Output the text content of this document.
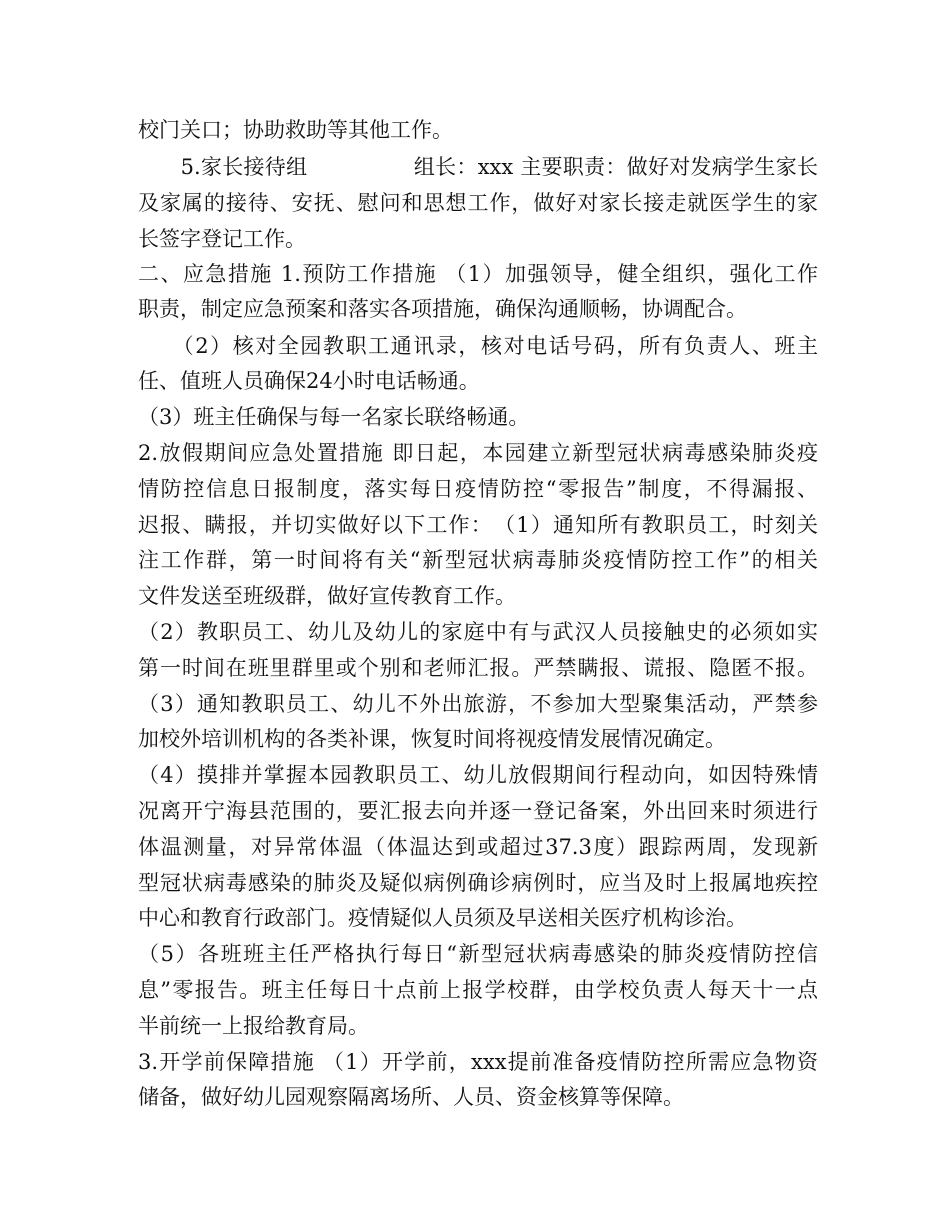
校门关口；协助救助等其他工作。
　　5.家长接待组　　　　　组长：xxx 主要职责：做好对发病学生家长
及家属的接待、安抚、慰问和思想工作，做好对家长接走就医学生的家
长签字登记工作。
二、应急措施 1.预防工作措施 （1）加强领导，健全组织，强化工作
职责，制定应急预案和落实各项措施，确保沟通顺畅，协调配合。
　　（2）核对全园教职工通讯录，核对电话号码，所有负责人、班主
任、值班人员确保24小时电话畅通。
（3）班主任确保与每一名家长联络畅通。
2.放假期间应急处置措施 即日起，本园建立新型冠状病毒感染肺炎疫
情防控信息日报制度，落实每日疫情防控“零报告”制度，不得漏报、
迟报、瞒报，并切实做好以下工作：　（1）通知所有教职员工，时刻关
注工作群，第一时间将有关“新型冠状病毒肺炎疫情防控工作”的相关
文件发送至班级群，做好宣传教育工作。
（2）教职员工、幼儿及幼儿的家庭中有与武汉人员接触史的必须如实
第一时间在班里群里或个别和老师汇报。严禁瞒报、谎报、隐匿不报。
（3）通知教职员工、幼儿不外出旅游，不参加大型聚集活动，严禁参
加校外培训机构的各类补课，恢复时间将视疫情发展情况确定。
（4）摸排并掌握本园教职员工、幼儿放假期间行程动向，如因特殊情
况离开宁海县范围的，要汇报去向并逐一登记备案，外出回来时须进行
体温测量，对异常体温（体温达到或超过37.3度）跟踪两周，发现新
型冠状病毒感染的肺炎及疑似病例确诊病例时，应当及时上报属地疾控
中心和教育行政部门。疫情疑似人员须及早送相关医疗机构诊治。
（5）各班班主任严格执行每日“新型冠状病毒感染的肺炎疫情防控信
息”零报告。班主任每日十点前上报学校群，由学校负责人每天十一点
半前统一上报给教育局。
3.开学前保障措施 （1）开学前，xxx提前准备疫情防控所需应急物资
储备，做好幼儿园观察隔离场所、人员、资金核算等保障。
